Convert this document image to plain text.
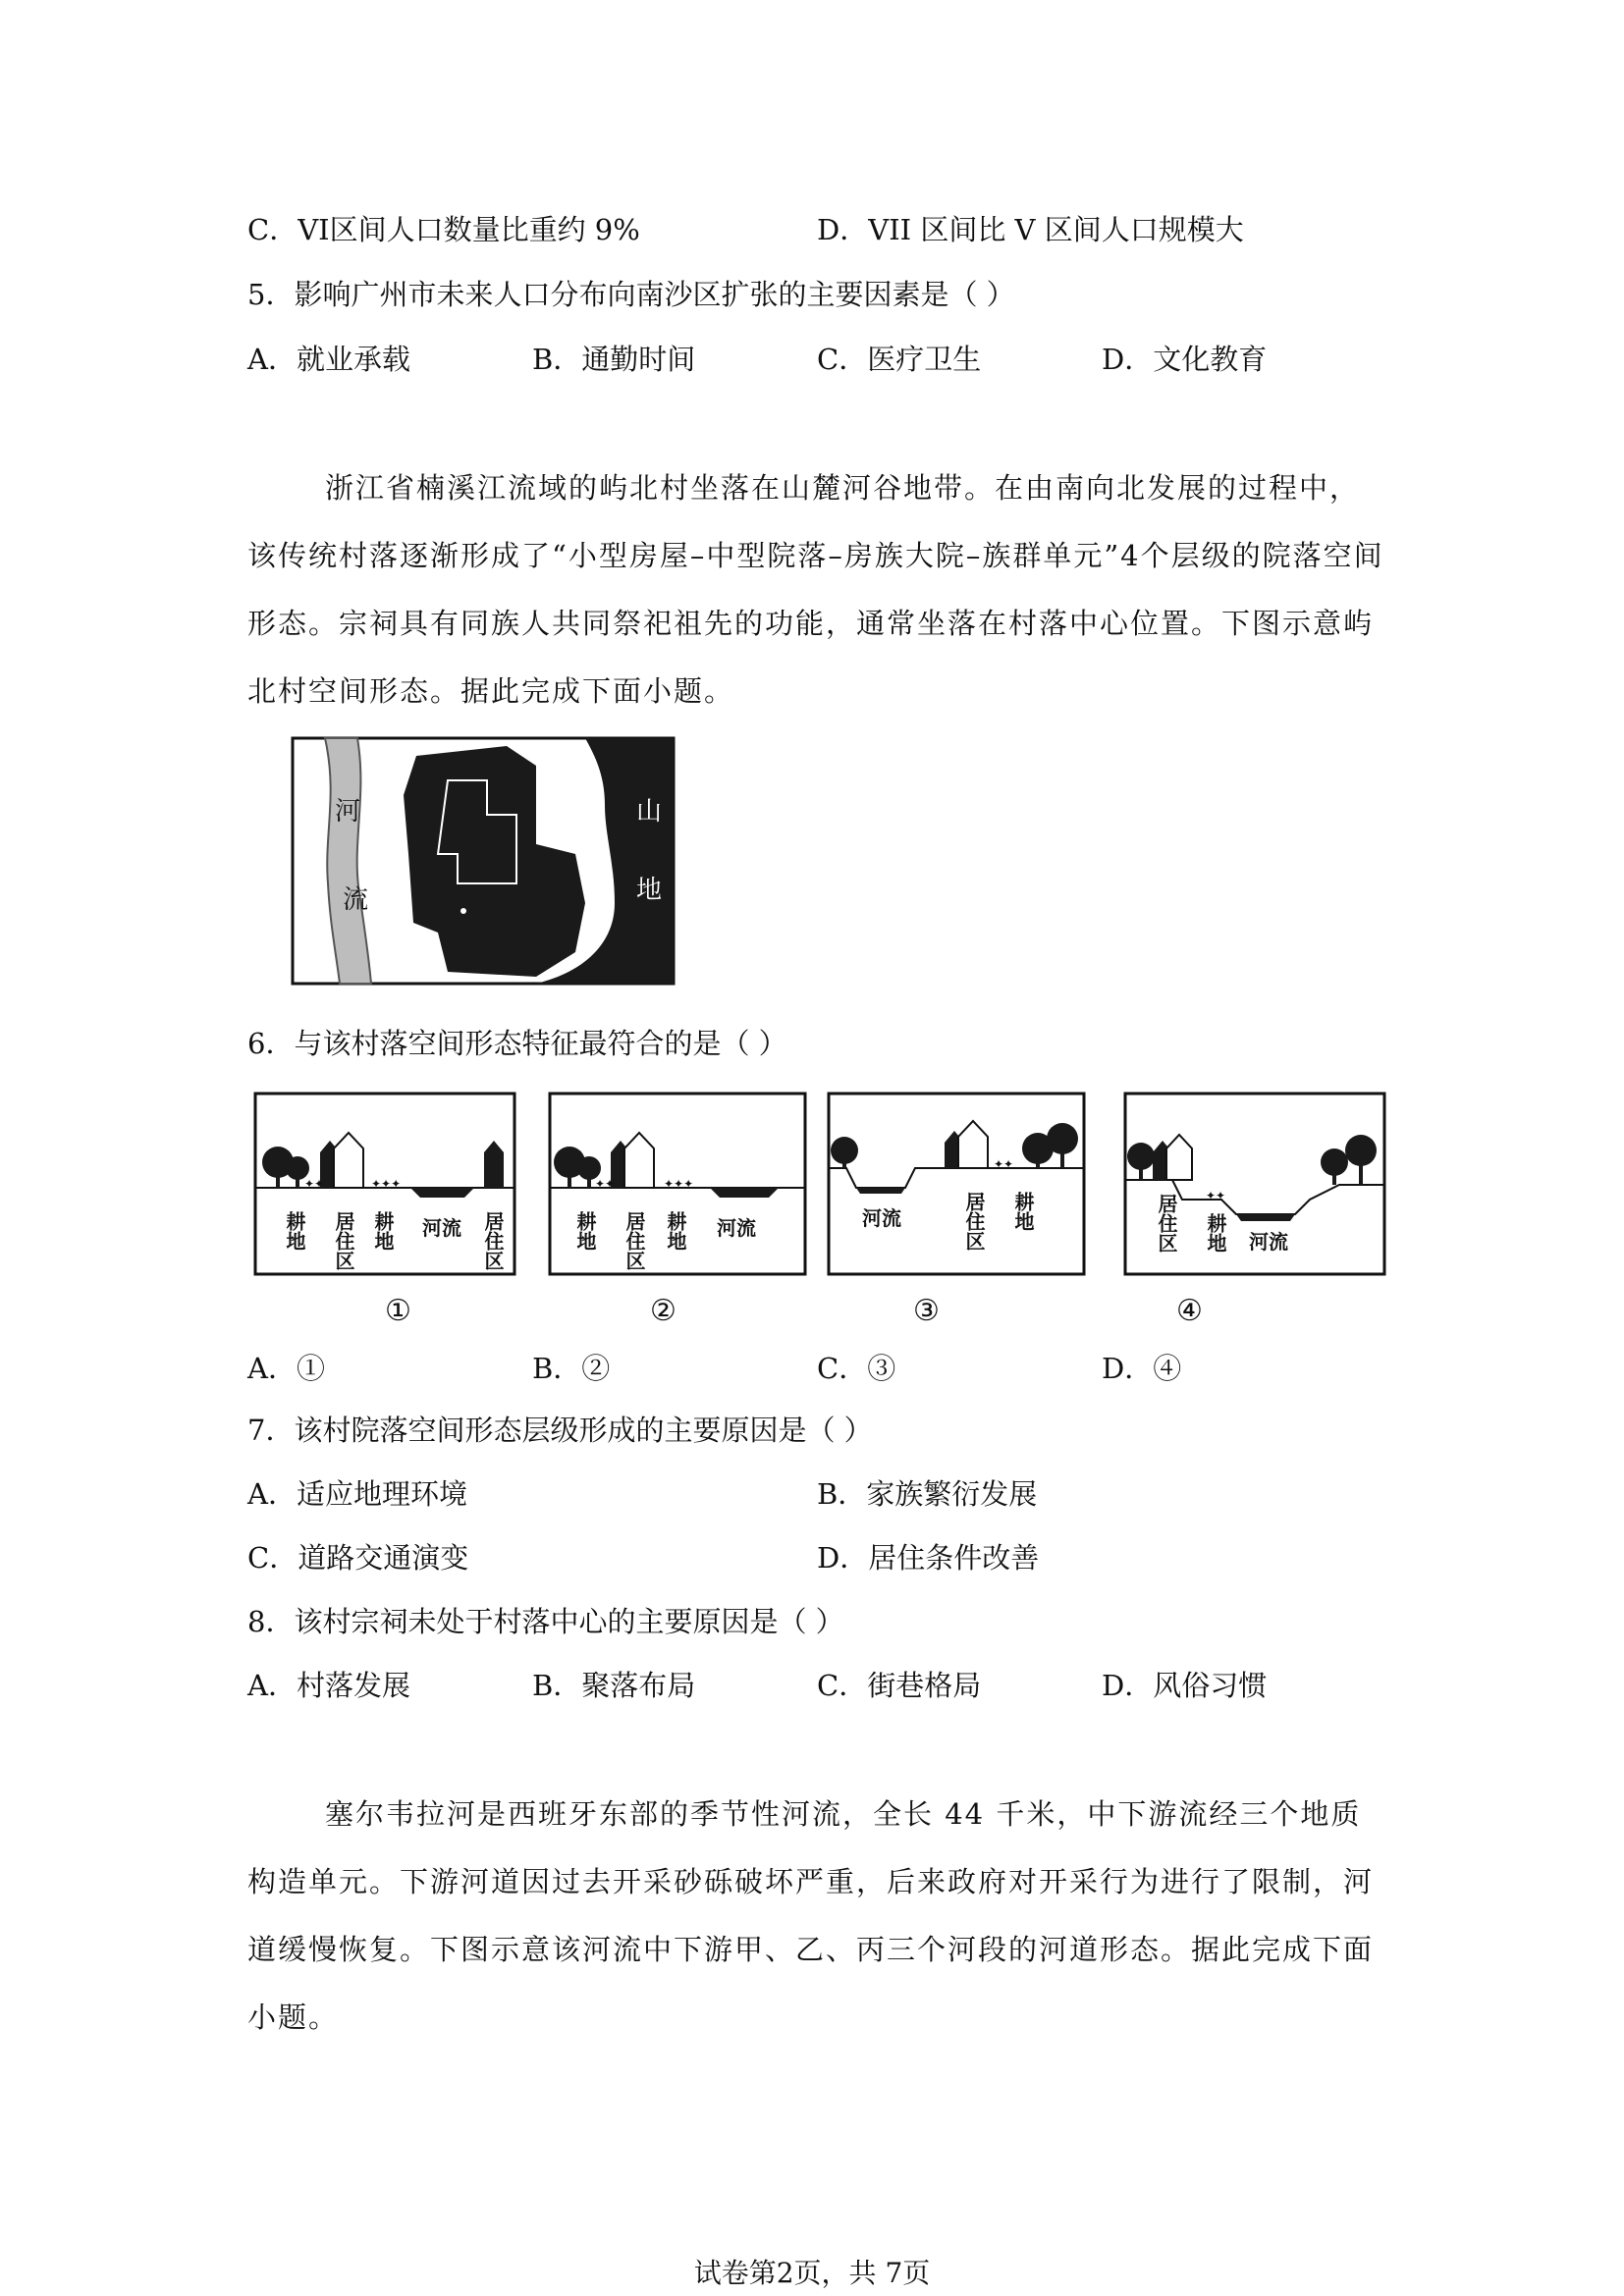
C．VI区间人口数量比重约 9%	D．VII 区间比 V 区间人口规模大
5．影响广州市未来人口分布向南沙区扩张的主要因素是（ ）
A．就业承载	B．通勤时间	C．医疗卫生	D．文化教育
浙江省楠溪江流域的屿北村坐落在山麓河谷地带。在由南向北发展的过程中，该传统村落逐渐形成了“小型房屋–中型院落–房族大院–族群单元”4个层级的院落空间形态。宗祠具有同族人共同祭祀祖先的功能，通常坐落在村落中心位置。下图示意屿北村空间形态。据此完成下面小题。
河
流
山
地
6．与该村落空间形态特征最符合的是（ ）
✦✦	✦✦✦
耕地 居住区 耕地 河流 居住区
①
✦✦	✦✦✦
耕地 居住区 耕地 河流
②
✦✦
河流	居住区 耕地
③
✦✦
居住区 耕地 河流
④
A．①	B．②	C．③	D．④
7．该村院落空间形态层级形成的主要原因是（ ）
A．适应地理环境	B．家族繁衍发展
C．道路交通演变	D．居住条件改善
8．该村宗祠未处于村落中心的主要原因是（ ）
A．村落发展	B．聚落布局	C．街巷格局	D．风俗习惯
塞尔韦拉河是西班牙东部的季节性河流，全长 44 千米，中下游流经三个地质构造单元。下游河道因过去开采砂砾破坏严重，后来政府对开采行为进行了限制，河道缓慢恢复。下图示意该河流中下游甲、乙、丙三个河段的河道形态。据此完成下面小题。
试卷第2页，共 7页
